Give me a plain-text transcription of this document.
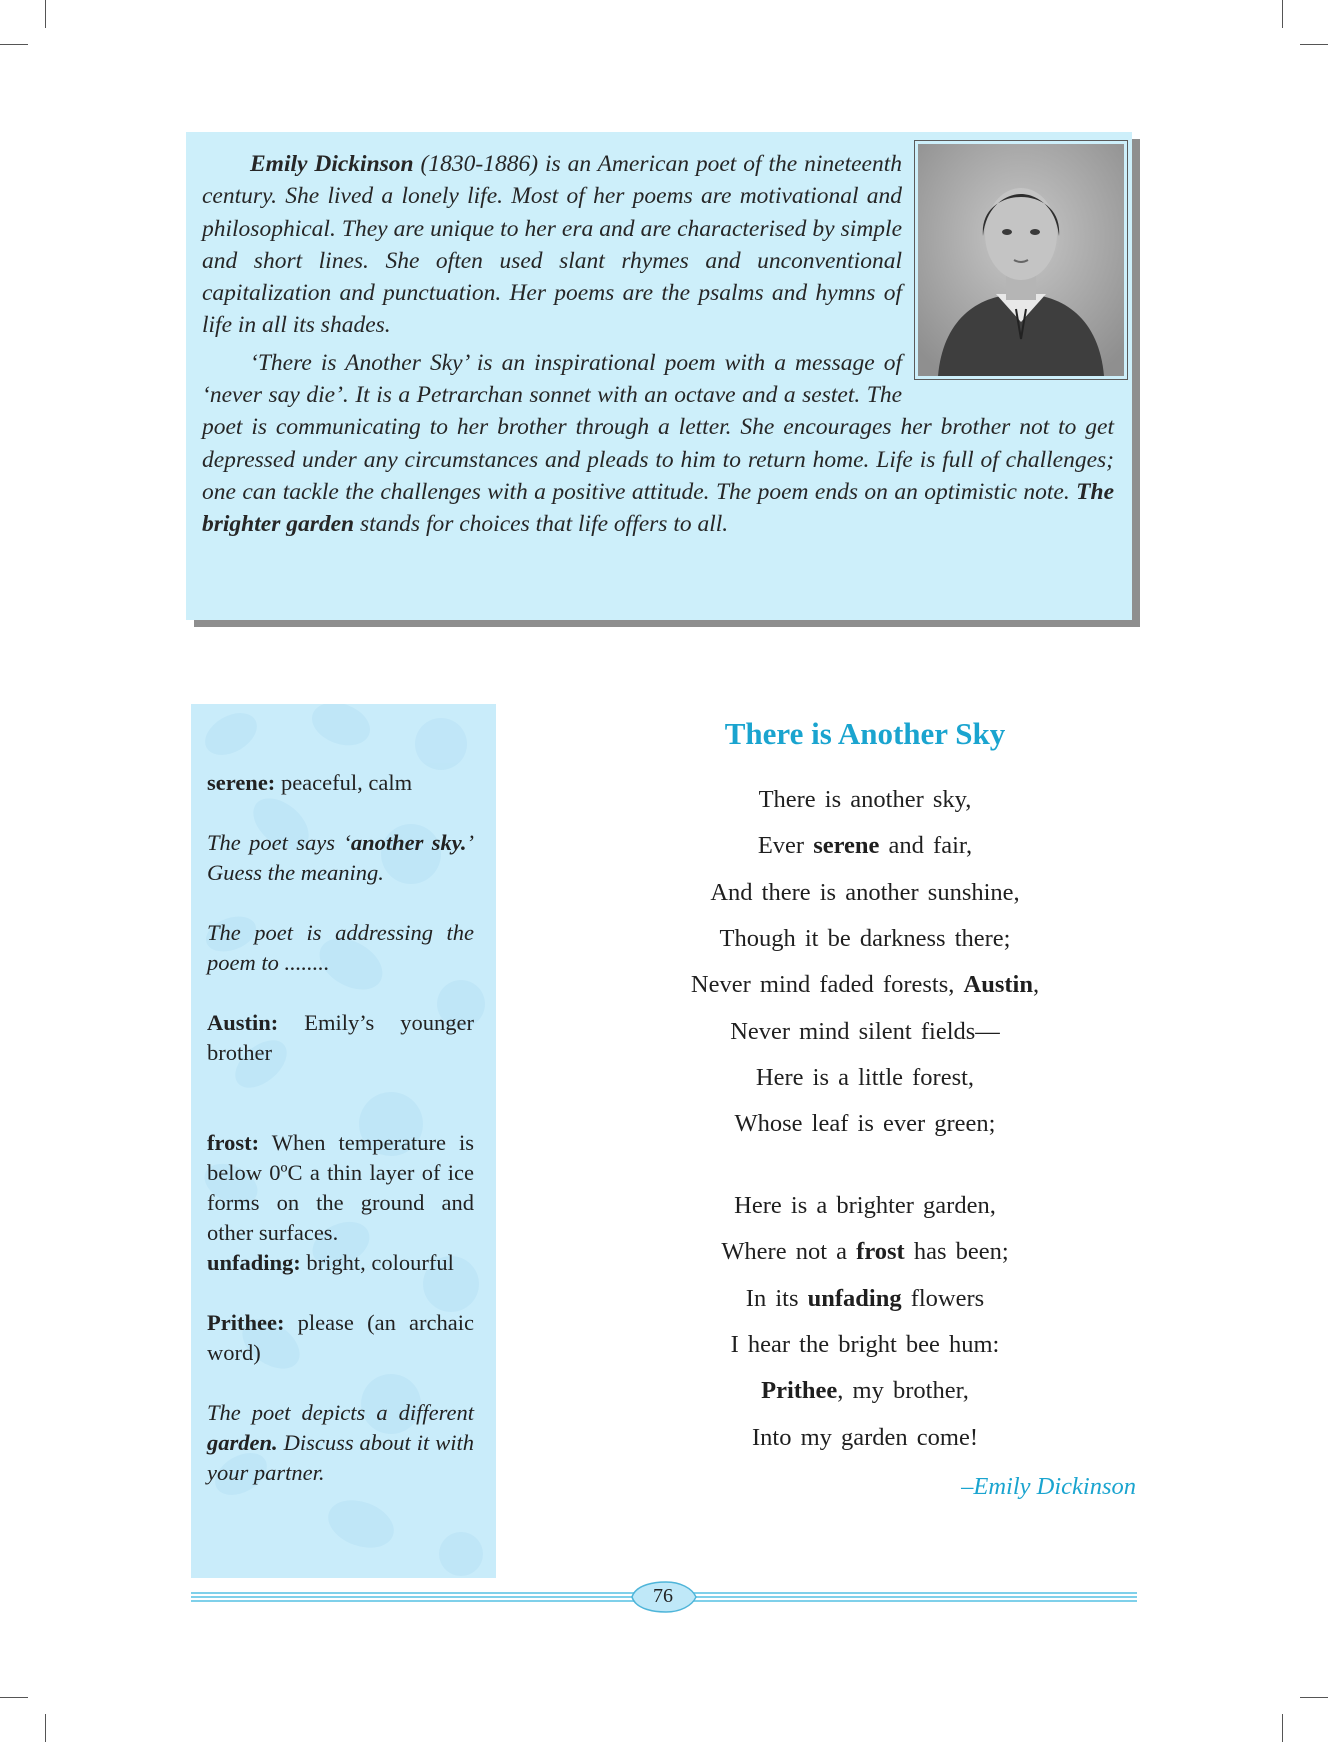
Emily Dickinson (1830-1886) is an American poet of the nineteenth century. She lived a lonely life. Most of her poems are motivational and philosophical. They are unique to her era and are characterised by simple and short lines. She often used slant rhymes and unconventional capitalization and punctuation. Her poems are the psalms and hymns of life in all its shades.

‘There is Another Sky’ is an inspirational poem with a message of ‘never say die’. It is a Petrarchan sonnet with an octave and a sestet. The poet is communicating to her brother through a letter. She encourages her brother not to get depressed under any circumstances and pleads to him to return home. Life is full of challenges; one can tackle the challenges with a positive attitude. The poem ends on an optimistic note. The brighter garden stands for choices that life offers to all.

serene: peaceful, calm
The poet says ‘another sky.’ Guess the meaning.
The poet is addressing the poem to ........
Austin: Emily’s younger brother
frost: When temperature is below 0ºC a thin layer of ice forms on the ground and other surfaces.
unfading: bright, colourful
Prithee: please (an archaic word)
The poet depicts a different garden. Discuss about it with your partner.
There is Another Sky
There is another sky,
Ever serene and fair,
And there is another sunshine,
Though it be darkness there;
Never mind faded forests, Austin,
Never mind silent fields—
Here is a little forest,
Whose leaf is ever green;
Here is a brighter garden,
Where not a frost has been;
In its unfading flowers
I hear the bright bee hum:
Prithee, my brother,
Into my garden come!
–Emily Dickinson
76
